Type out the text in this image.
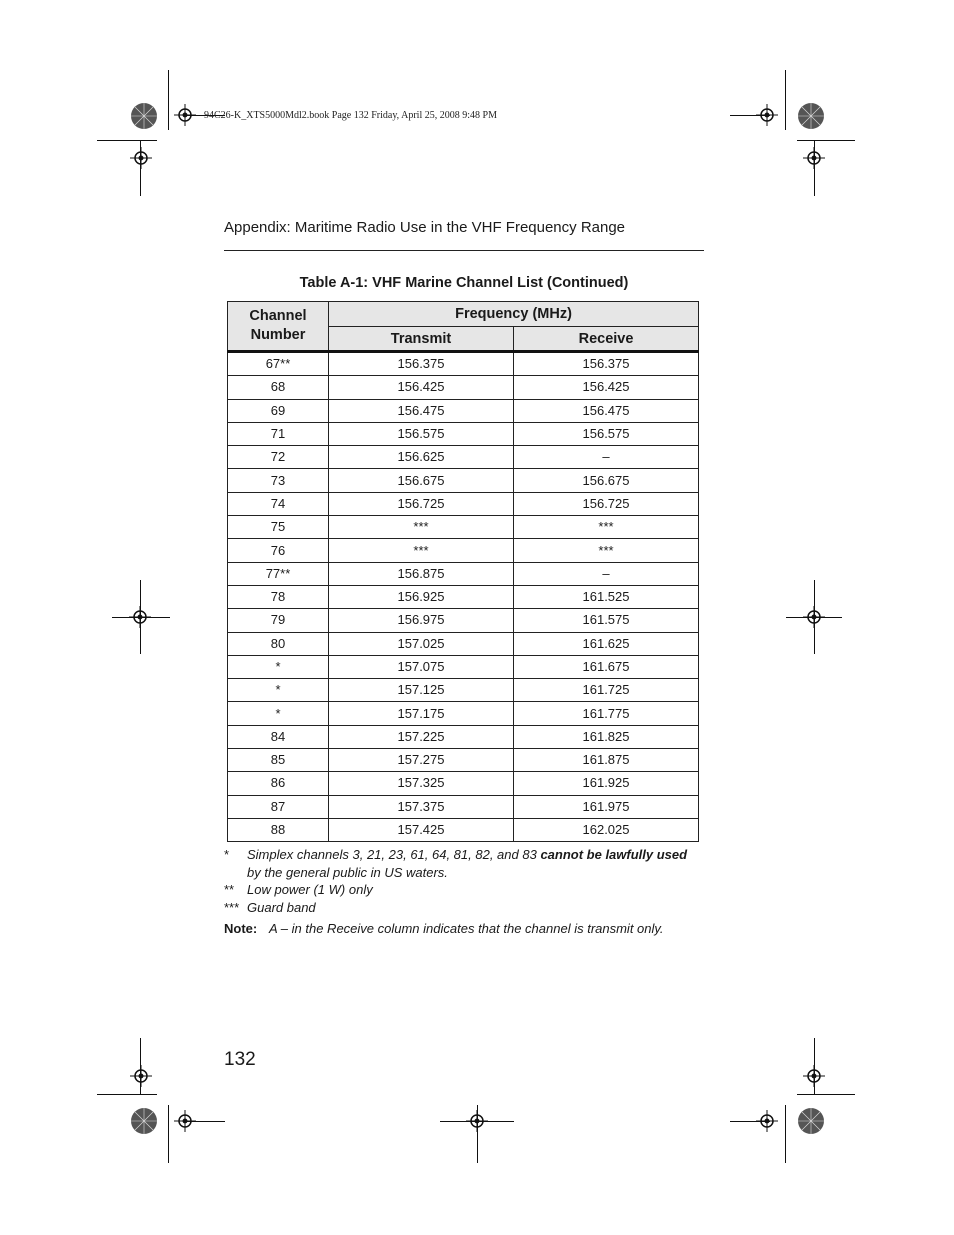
94C26-K_XTS5000Mdl2.book Page 132 Friday, April 25, 2008 9:48 PM
Appendix: Maritime Radio Use in the VHF Frequency Range
Table A-1: VHF Marine Channel List (Continued)
Channel Number	Frequency (MHz)	
	Transmit	Receive
67**	156.375	156.375
68	156.425	156.425
69	156.475	156.475
71	156.575	156.575
72	156.625	–
73	156.675	156.675
74	156.725	156.725
75	***	***
76	***	***
77**	156.875	–
78	156.925	161.525
79	156.975	161.575
80	157.025	161.625
*	157.075	161.675
*	157.125	161.725
*	157.175	161.775
84	157.225	161.825
85	157.275	161.875
86	157.325	161.925
87	157.375	161.975
88	157.425	162.025
*	Simplex channels 3, 21, 23, 61, 64, 81, 82, and 83 cannot be lawfully used by the general public in US waters.
** Low power (1 W) only
*** Guard band
Note: A – in the Receive column indicates that the channel is transmit only.
132
